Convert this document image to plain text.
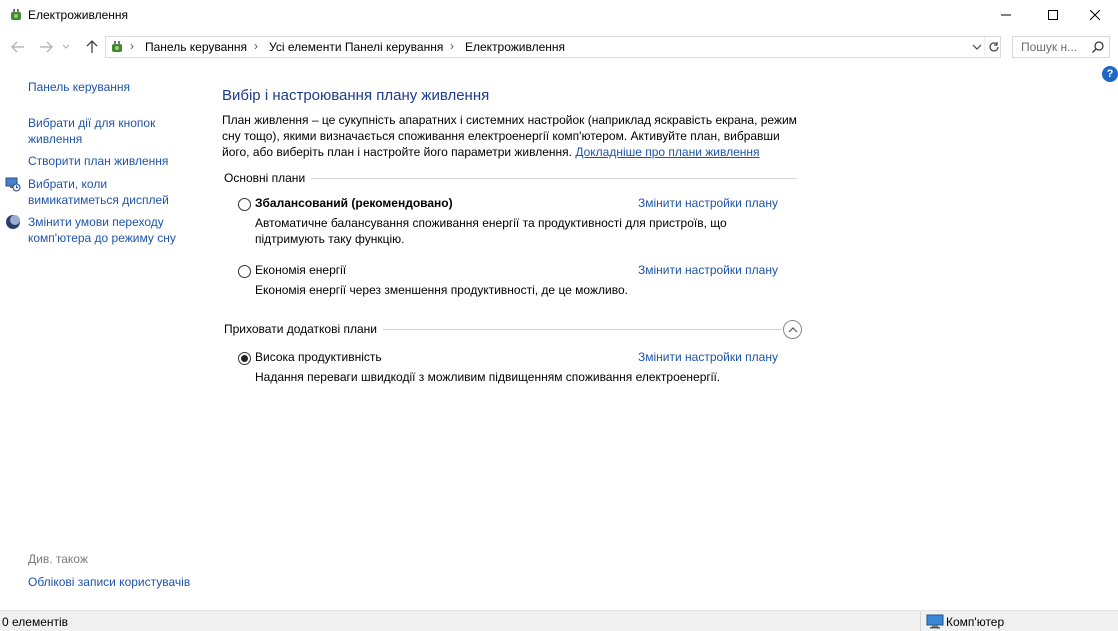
Електроживлення
› Панель керування › Усі елементи Панелі керування › Електроживлення	Пошук н...
?
Панель керування
Вибрати дії для кнопок живлення
Створити план живлення
Вибрати, коли вимикатиметься дисплей
Змінити умови переходу комп'ютера до режиму сну
Див. також
Облікові записи користувачів
Вибір і настроювання плану живлення
План живлення – це сукупність апаратних і системних настройок (наприклад яскравість екрана, режим сну тощо), якими визначається споживання електроенергії комп'ютером. Активуйте план, вибравши його, або виберіть план і настройте його параметри живлення. Докладніше про плани живлення
Основні плани
Збалансований (рекомендовано)	Змінити настройки плану
Автоматичне балансування споживання енергії та продуктивності для пристроїв, що підтримують таку функцію.
Економія енергії	Змінити настройки плану
Економія енергії через зменшення продуктивності, де це можливо.
Приховати додаткові плани
Висока продуктивність	Змінити настройки плану
Надання переваги швидкодії з можливим підвищенням споживання електроенергії.
0 елементів	Комп'ютер
